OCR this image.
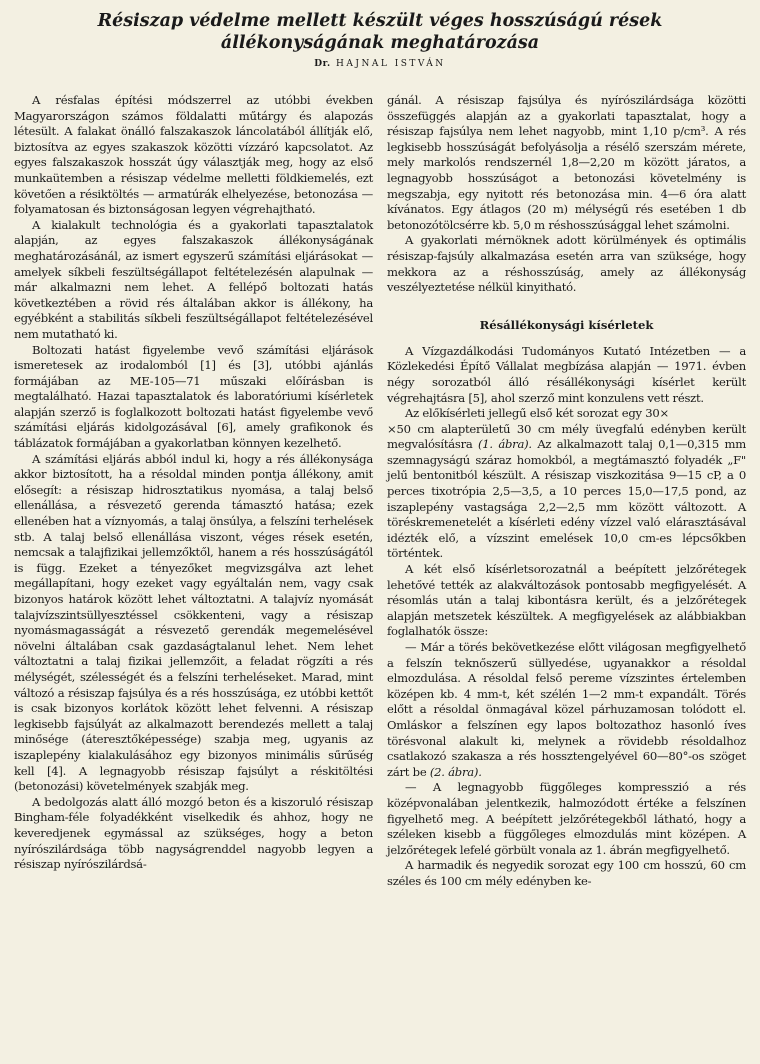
Résiszap védelme mellett készült véges hosszúságú rések
állékonyságának meghatározása
Dr. HAJNAL ISTVÁN

A résfalas építési módszerrel az utóbbi években Magyarországon számos földalatti műtárgy és alapozás létesült. A falakat önálló falszakaszok láncolatából állítják elő, biztosítva az egyes szakaszok közötti vízzáró kapcsolatot. Az egyes falszakaszok hosszát úgy választják meg, hogy az első munkaütemben a résiszap védelme melletti földkiemelés, ezt követően a résiktöltés — armatúrák elhelyezése, betonozása — folyamatosan és biztonságosan legyen végrehajtható.

A kialakult technológia és a gyakorlati tapasztalatok alapján, az egyes falszakaszok állékonyságának meghatározásánál, az ismert egyszerű számítási eljárásokat — amelyek síkbeli feszültségállapot feltételezésén alapulnak — már alkalmazni nem lehet. A fellépő boltozati hatás következtében a rövid rés általában akkor is állékony, ha egyébként a stabilitás síkbeli feszültségállapot feltételezésével nem mutatható ki.

Boltozati hatást figyelembe vevő számítási eljárások ismeretesek az irodalomból [1] és [3], utóbbi ajánlás formájában az ME-105—71 műszaki előírásban is megtalálható. Hazai tapasztalatok és laboratóriumi kísérletek alapján szerző is foglalkozott boltozati hatást figyelembe vevő számítási eljárás kidolgozásával [6], amely grafikonok és táblázatok formájában a gyakorlatban könnyen kezelhető.

A számítási eljárás abból indul ki, hogy a rés állékonysága akkor biztosított, ha a résoldal minden pontja állékony, amit elősegít: a résiszap hidrosztatikus nyomása, a talaj belső ellenállása, a résvezető gerenda támasztó hatása; ezek ellenében hat a víznyomás, a talaj önsúlya, a felszíni terhelések stb. A talaj belső ellenállása viszont, véges rések esetén, nemcsak a talajfizikai jellemzőktől, hanem a rés hosszúságától is függ. Ezeket a tényezőket megvizsgálva azt lehet megállapítani, hogy ezeket vagy egyáltalán nem, vagy csak bizonyos határok között lehet változtatni. A talajvíz nyomását talajvízszintsüllyesztéssel csökkenteni, vagy a résiszap nyomásmagasságát a résvezető gerendák megemelésével növelni általában csak gazdaságtalanul lehet. Nem lehet változtatni a talaj fizikai jellemzőit, a feladat rögzíti a rés mélységét, szélességét és a felszíni terheléseket. Marad, mint változó a résiszap fajsúlya és a rés hosszúsága, ez utóbbi kettőt is csak bizonyos korlátok között lehet felvenni. A résiszap legkisebb fajsúlyát az alkalmazott berendezés mellett a talaj minősége (áteresztőképessége) szabja meg, ugyanis az iszaplepény kialakulásához egy bizonyos minimális sűrűség kell [4]. A legnagyobb résiszap fajsúlyt a réskitöltési (betonozási) követelmények szabják meg.

A bedolgozás alatt álló mozgó beton és a kiszoruló résiszap Bingham-féle folyadékként viselkedik és ahhoz, hogy ne keveredjenek egymással az szükséges, hogy a beton nyírószilárdsága több nagyságrenddel nagyobb legyen a résiszap nyírószilárdsá-

gánál. A résiszap fajsúlya és nyírószilárdsága közötti összefüggés alapján az a gyakorlati tapasztalat, hogy a résiszap fajsúlya nem lehet nagyobb, mint 1,10 p/cm³. A rés legkisebb hosszúságát befolyásolja a résélő szerszám mérete, mely markolós rendszernél 1,8—2,20 m között járatos, a legnagyobb hosszúságot a betonozási követelmény is megszabja, egy nyitott rés betonozása min. 4—6 óra alatt kívánatos. Egy átlagos (20 m) mélységű rés esetében 1 db betonozótölcsérre kb. 5,0 m réshosszúsággal lehet számolni.

A gyakorlati mérnöknek adott körülmények és optimális résiszap-fajsúly alkalmazása esetén arra van szüksége, hogy mekkora az a réshosszúság, amely az állékonyság veszélyeztetése nélkül kinyitható.

Résállékonysági kísérletek

A Vízgazdálkodási Tudományos Kutató Intézetben — a Közlekedési Építő Vállalat megbízása alapján — 1971. évben négy sorozatból álló résállékonysági kísérlet került végrehajtásra [5], ahol szerző mint konzulens vett részt.

Az előkísérleti jellegű első két sorozat egy 30×
×50 cm alapterületű 30 cm mély üvegfalú edényben került megvalósításra (1. ábra). Az alkalmazott talaj 0,1—0,315 mm szemnagyságú száraz homokból, a megtámasztó folyadék „F" jelű bentonitból készült. A résiszap viszkozitása 9—15 cP, a 0 perces tixotrópia 2,5—3,5, a 10 perces 15,0—17,5 pond, az iszaplepény vastagsága 2,2—2,5 mm között változott. A töréskremenetelét a kísérleti edény vízzel való elárasztásával idézték elő, a vízszint emelések 10,0 cm-es lépcsőkben történtek.

A két első kísérletsorozatnál a beépített jelzőrétegek lehetővé tették az alakváltozások pontosabb megfigyelését. A résomlás után a talaj kibontásra került, és a jelzőrétegek alapján metszetek készültek. A megfigyelések az alábbiakban foglalhatók össze:

— Már a törés bekövetkezése előtt világosan megfigyelhető a felszín teknőszerű süllyedése, ugyanakkor a résoldal elmozdulása. A résoldal felső pereme vízszintes értelemben középen kb. 4 mm-t, két szélén 1—2 mm-t expandált. Törés előtt a résoldal önmagával közel párhuzamosan tolódott el. Omláskor a felszínen egy lapos boltozathoz hasonló íves törésvonal alakult ki, melynek a rövidebb résoldalhoz csatlakozó szakasza a rés hossztengelyével 60—80°-os szöget zárt be (2. ábra).

— A legnagyobb függőleges kompresszió a rés középvonalában jelentkezik, halmozódott értéke a felszínen figyelhető meg. A beépített jelzőrétegekből látható, hogy a széleken kisebb a függőleges elmozdulás mint középen. A jelzőrétegek lefelé görbült vonala az 1. ábrán megfigyelhető.

A harmadik és negyedik sorozat egy 100 cm hosszú, 60 cm széles és 100 cm mély edényben ke-
